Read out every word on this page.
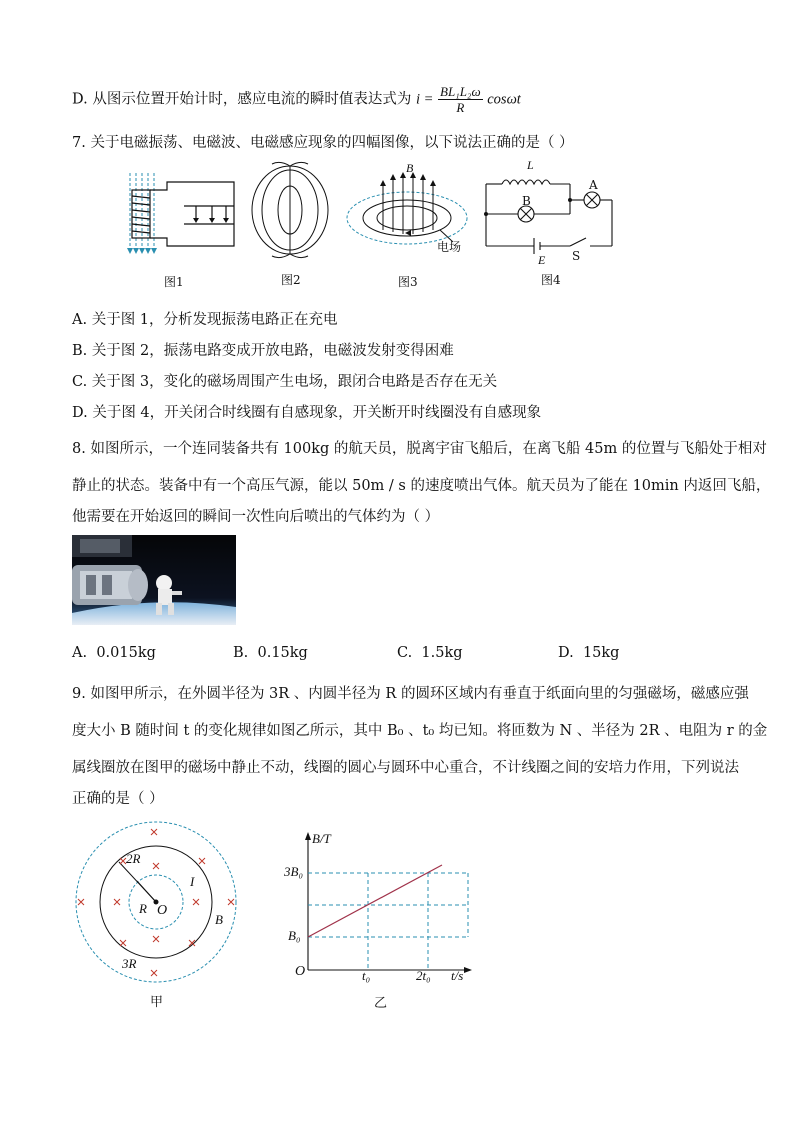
D. 从图示位置开始计时，感应电流的瞬时值表达式为 $i = \frac{\text{BL₁L₂ω}}{R}$ cosωt
7. 关于电磁振荡、电磁波、电磁感应现象的四幅图像，以下说法正确的是（ ）
图1	图2
B
电场
图3
L
A
B
E S
图4
A. 关于图 1，分析发现振荡电路正在充电
B. 关于图 2，振荡电路变成开放电路，电磁波发射变得困难
C. 关于图 3，变化的磁场周围产生电场，跟闭合电路是否存在无关
D. 关于图 4，开关闭合时线圈有自感现象，开关断开时线圈没有自感现象
8. 如图所示，一个连同装备共有 100kg 的航天员，脱离宇宙飞船后，在离飞船 45m 的位置与飞船处于相对
静止的状态。装备中有一个高压气源，能以 50m / s 的速度喷出气体。航天员为了能在 10min 内返回飞船，
他需要在开始返回的瞬间一次性向后喷出的气体约为（ ）
A. 0.015kg	B. 0.15kg	C. 1.5kg	D. 15kg
9. 如图甲所示，在外圆半径为 3R 、内圆半径为 R 的圆环区域内有垂直于纸面向里的匀强磁场，磁感应强
度大小 B 随时间 t 的变化规律如图乙所示，其中 B₀ 、t₀ 均已知。将匝数为 N 、半径为 2R 、电阻为 r 的金
属线圈放在图甲的磁场中静止不动，线圈的圆心与圆环中心重合，不计线圈之间的安培力作用，下列说法
正确的是（ ）
2R
R O
I
B
3R
甲
B/T
3B₀
B₀
O	t₀	2t₀ t/s
乙
